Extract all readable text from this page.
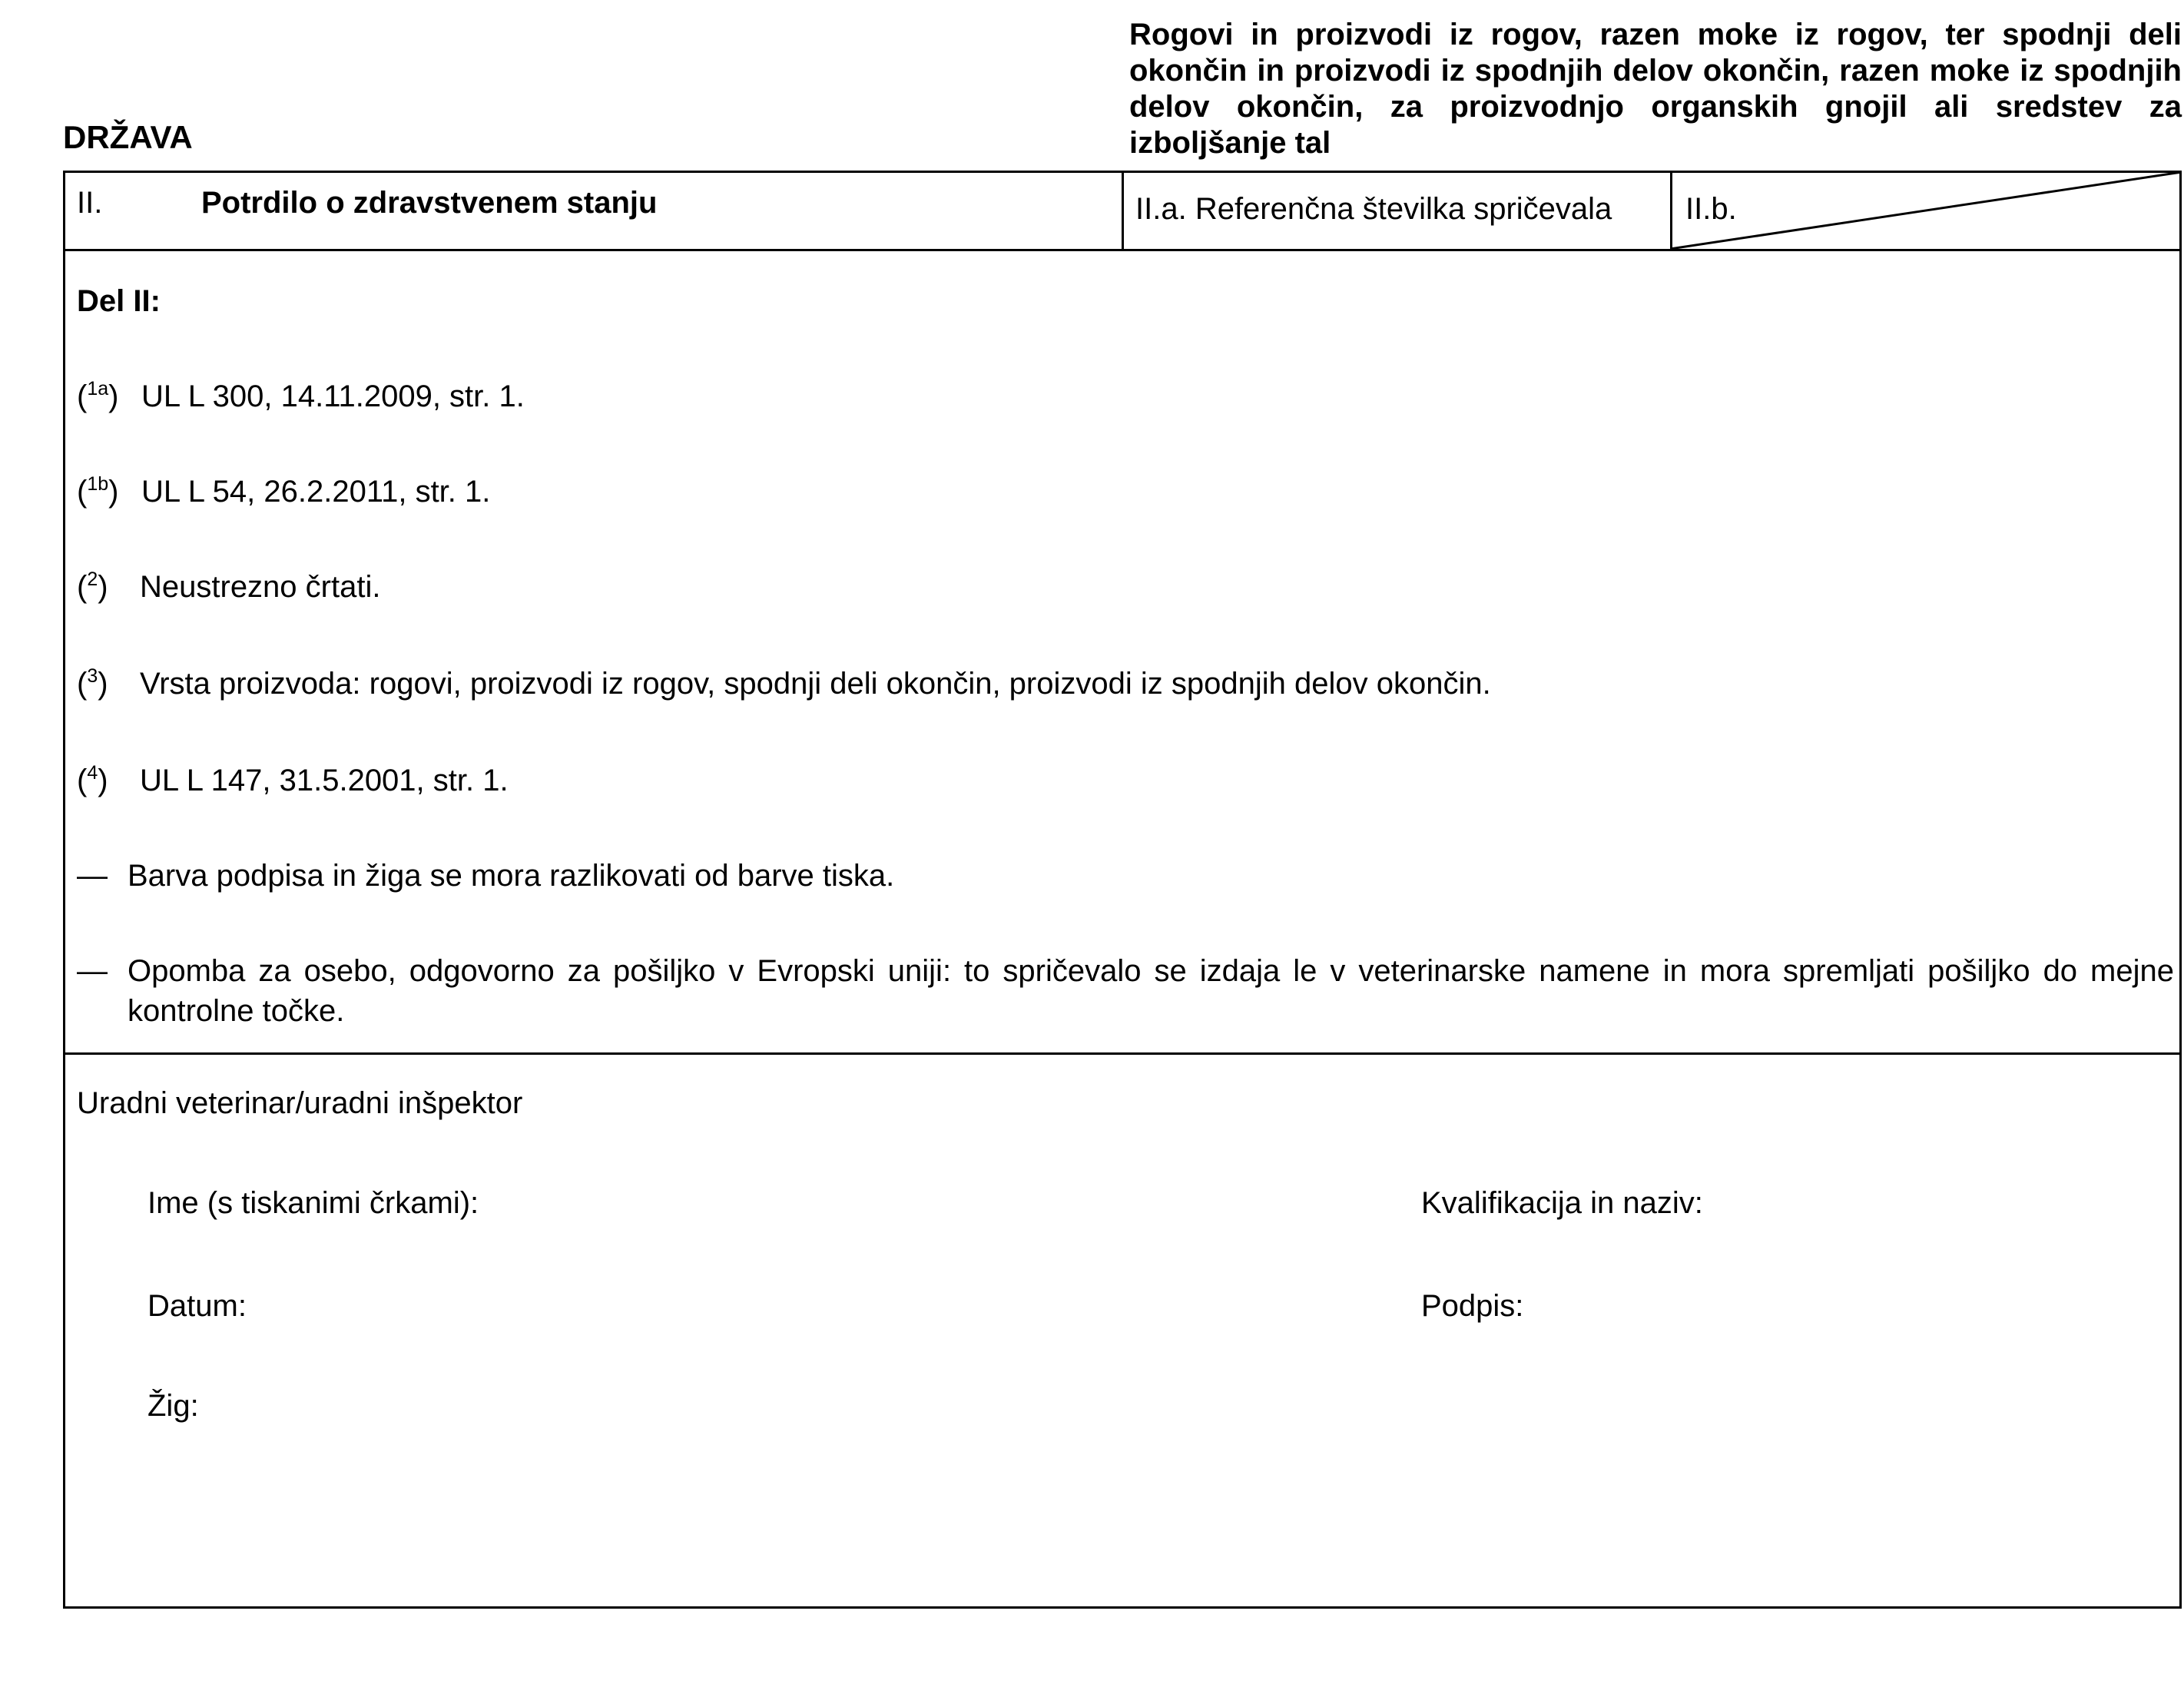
DRŽAVA
Rogovi in proizvodi iz rogov, razen moke iz rogov, ter spodnji deli okončin in proizvodi iz spodnjih delov okončin, razen moke iz spodnjih delov okončin, za proizvodnjo organskih gnojil ali sredstev za izboljšanje tal
II.	Potrdilo o zdravstvenem stanju	II.a. Referenčna številka spričevala II.b.
Del II:
($^{1a}$) UL L 300, 14.11.2009, str. 1.
($^{1b}$) UL L 54, 26.2.2011, str. 1.
($^2$) Neustrezno črtati.
($^3$) Vrsta proizvoda: rogovi, proizvodi iz rogov, spodnji deli okončin, proizvodi iz spodnjih delov okončin.
($^4$) UL L 147, 31.5.2001, str. 1.
— Barva podpisa in žiga se mora razlikovati od barve tiska.
— Opomba za osebo, odgovorno za pošiljko v Evropski uniji: to spričevalo se izdaja le v veterinarske namene in mora spremljati pošiljko do mejne kontrolne točke.
Uradni veterinar/uradni inšpektor
Ime (s tiskanimi črkami):	Kvalifikacija in naziv:
Datum:	Podpis:
Žig:
